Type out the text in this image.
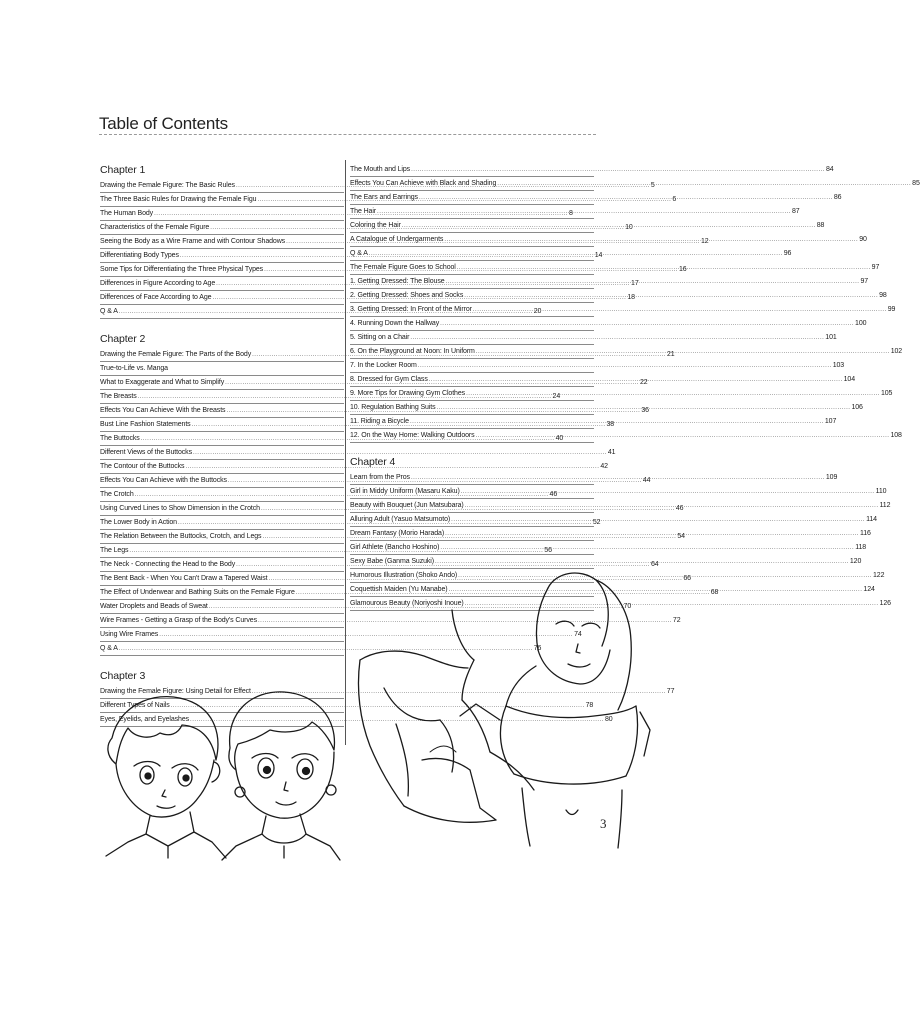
Table of Contents
Chapter 1
Drawing the Female Figure: The Basic Rules .....	5
The Three Basic Rules for Drawing the Female Figu .....	6
The Human Body .....	8
Characteristics of the Female Figure .....	10
Seeing the Body as a Wire Frame and with Contour Shadows .....	12
Differentiating Body Types .....	14
Some Tips for Differentiating the Three Physical Types .....	16
Differences in Figure According to Age .....	17
Differences of Face According to Age .....	18
Q & A .....	20
Chapter 2
Drawing the Female Figure: The Parts of the Body .....	21
True-to-Life vs. Manga
What to Exaggerate and What to Simplify .....	22
The Breasts .....	24
Effects You Can Achieve With the Breasts .....	36
Bust Line Fashion Statements .....	38
The Buttocks .....	40
Different Views of the Buttocks .....	41
The Contour of the Buttocks .....	42
Effects You Can Achieve with the Buttocks .....	44
The Crotch .....	46
Using Curved Lines to Show Dimension in the Crotch .....	46
The Lower Body in Action .....	52
The Relation Between the Buttocks, Crotch, and Legs .....	54
The Legs .....	56
The Neck - Connecting the Head to the Body .....	64
The Bent Back - When You Can't Draw a Tapered Waist .....	66
The Effect of Underwear and Bathing Suits on the Female Figure .....	68
Water Droplets and Beads of Sweat .....	70
Wire Frames - Getting a Grasp of the Body's Curves .....	72
Using Wire Frames .....	74
Q & A .....	76
Chapter 3
Drawing the Female Figure: Using Detail for Effect .....	77
Different Types of Nails .....	78
Eyes, Eyelids, and Eyelashes .....	80
The Mouth and Lips .....	84
Effects You Can Achieve with Black and Shading .....	85
The Ears and Earrings .....	86
The Hair .....	87
Coloring the Hair .....	88
A Catalogue of Undergarments .....	90
Q & A .....	96
The Female Figure Goes to School .....	97
1. Getting Dressed: The Blouse .....	97
2. Getting Dressed: Shoes and Socks .....	98
3. Getting Dressed: In Front of the Mirror .....	99
4. Running Down the Hallway .....	100
5. Sitting on a Chair .....	101
6. On the Playground at Noon: In Uniform .....	102
7. In the Locker Room .....	103
8. Dressed for Gym Class .....	104
9. More Tips for Drawing Gym Clothes .....	105
10. Regulation Bathing Suits .....	106
11. Riding a Bicycle .....	107
12. On the Way Home: Walking Outdoors .....	108
Chapter 4
Learn from the Pros .....	109
Girl in Middy Uniform (Masaru Kaku) .....	110
Beauty with Bouquet (Jun Matsubara) .....	112
Alluring Adult (Yasuo Matsumoto) .....	114
Dream Fantasy (Morio Harada) .....	116
Girl Athlete (Bancho Hoshino) .....	118
Sexy Babe (Ganma Suzuki) .....	120
Humorous Illustration (Shoko Ando) .....	122
Coquettish Maiden (Yu Manabe) .....	124
Glamourous Beauty (Noriyoshi Inoue) .....	126
3
